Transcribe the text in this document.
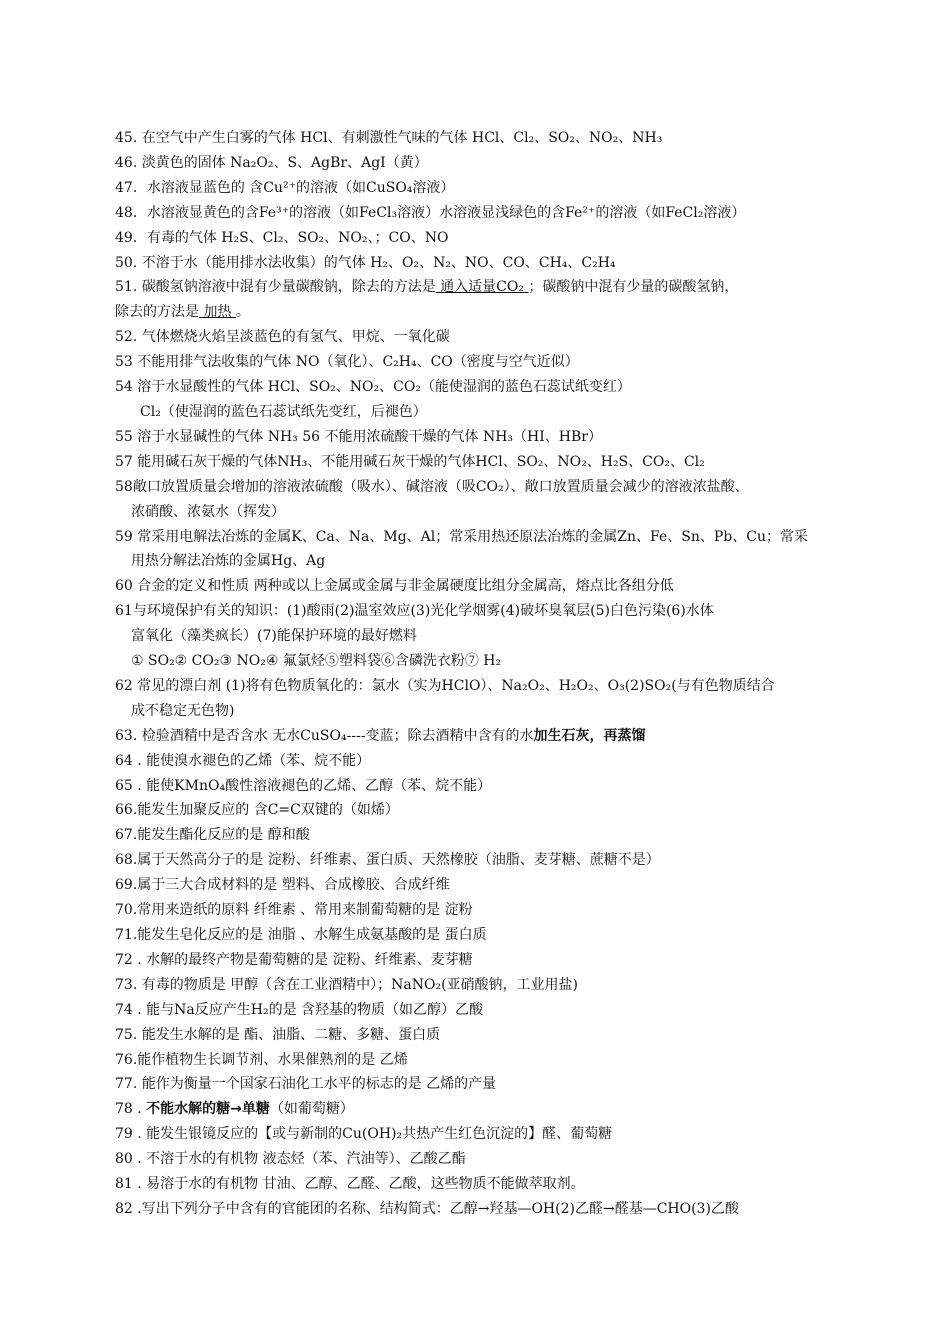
45. 在空气中产生白雾的气体 HCl、有刺激性气味的气体 HCl、Cl₂、SO₂、NO₂、NH₃
46. 淡黄色的固体 Na₂O₂、S、AgBr、AgI（黄）
47．水溶液显蓝色的 含Cu²⁺的溶液（如CuSO₄溶液）
48．水溶液显黄色的含Fe³⁺的溶液（如FeCl₃溶液）水溶液显浅绿色的含Fe²⁺的溶液（如FeCl₂溶液）
49．有毒的气体 H₂S、Cl₂、SO₂、NO₂、；CO、NO
50. 不溶于水（能用排水法收集）的气体 H₂、O₂、N₂、NO、CO、CH₄、C₂H₄
51. 碳酸氢钠溶液中混有少量碳酸钠，除去的方法是 通入适量CO₂ ；碳酸钠中混有少量的碳酸氢钠，
除去的方法是 加热 。
52. 气体燃烧火焰呈淡蓝色的有氢气、甲烷、一氧化碳
53 不能用排气法收集的气体 NO（氧化）、C₂H₄、CO（密度与空气近似）
54 溶于水显酸性的气体 HCl、SO₂、NO₂、CO₂（能使湿润的蓝色石蕊试纸变红）
Cl₂（使湿润的蓝色石蕊试纸先变红，后褪色）
55 溶于水显碱性的气体 NH₃ 56 不能用浓硫酸干燥的气体 NH₃（HI、HBr）
57 能用碱石灰干燥的气体NH₃、不能用碱石灰干燥的气体HCl、SO₂、NO₂、H₂S、CO₂、Cl₂
58敞口放置质量会增加的溶液浓硫酸（吸水）、碱溶液（吸CO₂）、敞口放置质量会减少的溶液浓盐酸、
浓硝酸、浓氨水（挥发）
59 常采用电解法冶炼的金属K、Ca、Na、Mg、Al；常采用热还原法冶炼的金属Zn、Fe、Sn、Pb、Cu；常采
用热分解法冶炼的金属Hg、Ag
60 合金的定义和性质 两种或以上金属或金属与非金属硬度比组分金属高，熔点比各组分低
61与环境保护有关的知识：(1)酸雨(2)温室效应(3)光化学烟雾(4)破坏臭氧层(5)白色污染(6)水体
富氧化（藻类疯长）(7)能保护环境的最好燃料
① SO₂② CO₂③ NO₂④ 氟氯烃⑤塑料袋⑥含磷洗衣粉⑦ H₂
62 常见的漂白剂 (1)将有色物质氧化的：氯水（实为HClO）、Na₂O₂、H₂O₂、O₃(2)SO₂(与有色物质结合
成不稳定无色物)
63. 检验酒精中是否含水 无水CuSO₄----变蓝；除去酒精中含有的水加生石灰，再蒸馏
64 . 能使溴水褪色的乙烯（苯、烷不能）
65 . 能使KMnO₄酸性溶液褪色的乙烯、乙醇（苯、烷不能）
66.能发生加聚反应的 含C=C双键的（如烯）
67.能发生酯化反应的是 醇和酸
68.属于天然高分子的是 淀粉、纤维素、蛋白质、天然橡胶（油脂、麦芽糖、蔗糖不是）
69.属于三大合成材料的是 塑料、合成橡胶、合成纤维
70.常用来造纸的原料 纤维素 、常用来制葡萄糖的是 淀粉
71.能发生皂化反应的是 油脂 、水解生成氨基酸的是 蛋白质
72 . 水解的最终产物是葡萄糖的是 淀粉、纤维素、麦芽糖
73. 有毒的物质是 甲醇（含在工业酒精中）；NaNO₂(亚硝酸钠，工业用盐)
74 . 能与Na反应产生H₂的是 含羟基的物质（如乙醇）乙酸
75. 能发生水解的是 酯、油脂、二糖、多糖、蛋白质
76.能作植物生长调节剂、水果催熟剂的是 乙烯
77. 能作为衡量一个国家石油化工水平的标志的是 乙烯的产量
78 . 不能水解的糖→单糖（如葡萄糖）
79 . 能发生银镜反应的【或与新制的Cu(OH)₂共热产生红色沉淀的】醛、葡萄糖
80 . 不溶于水的有机物 液态烃（苯、汽油等）、乙酸乙酯
81 . 易溶于水的有机物 甘油、乙醇、乙醛、乙酸，这些物质不能做萃取剂。
82 .写出下列分子中含有的官能团的名称、结构简式：乙醇→羟基—OH(2)乙醛→醛基—CHO(3)乙酸
